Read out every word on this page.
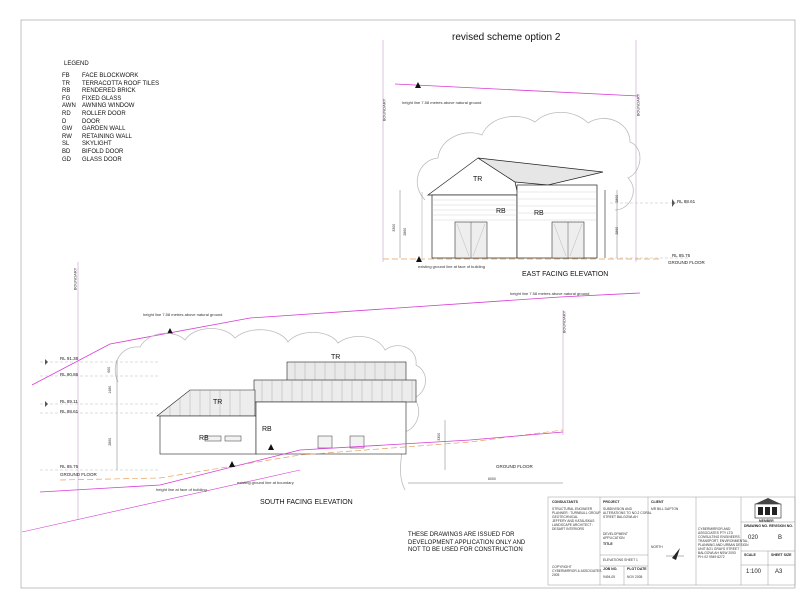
revised scheme option 2
LEGEND
FB	FACE BLOCKWORK
TR	TERRACOTTA ROOF TILES
RB	RENDERED BRICK
FG	FIXED GLASS
AWN	AWNING WINDOW
RD	ROLLER DOOR
D	DOOR
GW	GARDEN WALL
RW	RETAINING WALL
SL	SKYLIGHT
BD	BIFOLD DOOR
GD	GLASS DOOR
height line 7.58 metres above natural ground
BOUNDARY	BOUNDARY
TR
RB	RB
3300
2860
2800
2860
RL 88.61
RL 85.75
GROUND FLOOR
existing ground line at face of building
EAST FACING ELEVATION
height line 7.58 metres above natural ground
height line 7.58 metres above natural ground
BOUNDARY
BOUNDARY
TR
TR
RB
RB
RL 91.38
RL 90.86
RL 89.11
RL 88.61
RL 85.75
GROUND FLOOR
600
1480
2860
3300
6000
GROUND FLOOR
existing ground line at boundary
height line at face of building
SOUTH FACING ELEVATION
THESE DRAWINGS ARE ISSUED FOR
DEVELOPMENT APPLICATION ONLY AND
NOT TO BE USED FOR CONSTRUCTION
CONSULTANTS
STRUCTURAL ENGINEER
PLANNER : TURNBULL GROUP
GEOTECHNICAL
JEFFERY AND KATAUSKAS
LANDSCAPE ARCHITECT :
DESART INTERIORS
COPYRIGHT
CYBERMIRROR & ASSOCIATES
2005
PROJECT
SUBDIVISION AND
ALTERATIONS TO NO.2 CORAL
STREET BALGOWLAH
DEVELOPMENT
APPLICATION
TITLE
ELEVATIONS SHEET 1
JOB NO.
9494-05
PLOT DATE
NOV 2005
CLIENT
MR BILL DAPTON
NORTH
CYBERMIRROR AND
ASSOCIATES PTY LTD
CONSULTING ENGINEERS
TRANSPORT, ENVIRONMENTAL,
PLANNING AND URBAN DESIGN
UNIT 8/21 GRAYS STREET
BALGOWLAH NSW 2093
PH: 02 9949 6272
MEMBER
DRAWING NO. REVISION NO.
020	B
SCALE	SHEET SIZE
1:100 A3
